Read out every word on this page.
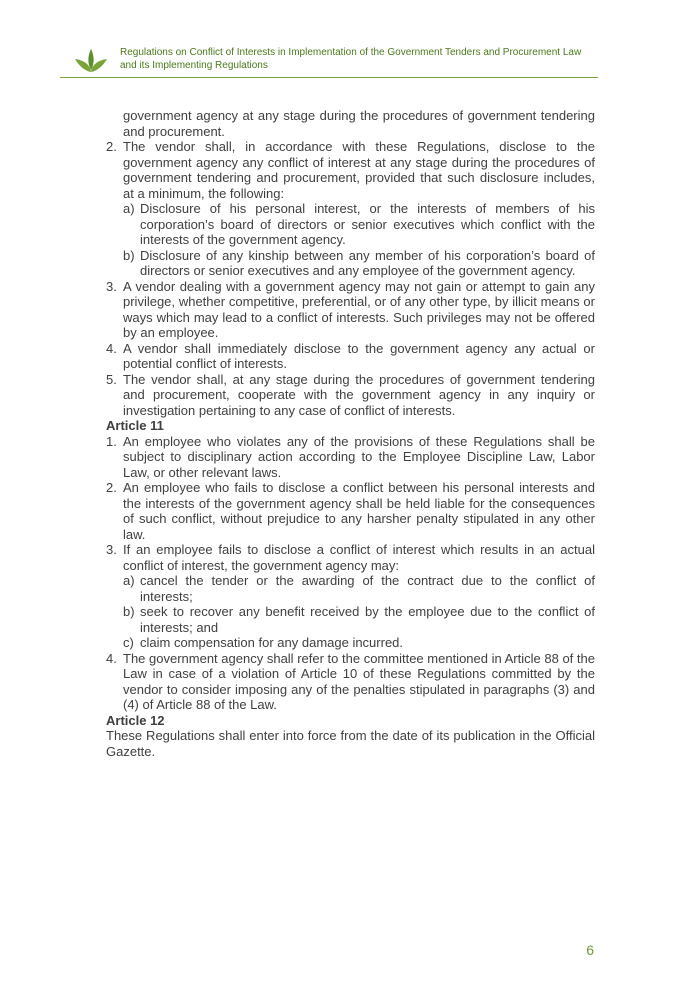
Regulations on Conflict of Interests in Implementation of the Government Tenders and Procurement Law and its Implementing Regulations

government agency at any stage during the procedures of government tendering and procurement.

2. The vendor shall, in accordance with these Regulations, disclose to the government agency any conflict of interest at any stage during the procedures of government tendering and procurement, provided that such disclosure includes, at a minimum, the following:
a) Disclosure of his personal interest, or the interests of members of his corporation’s board of directors or senior executives which conflict with the interests of the government agency.
b) Disclosure of any kinship between any member of his corporation’s board of directors or senior executives and any employee of the government agency.
3. A vendor dealing with a government agency may not gain or attempt to gain any privilege, whether competitive, preferential, or of any other type, by illicit means or ways which may lead to a conflict of interests. Such privileges may not be offered by an employee.
4. A vendor shall immediately disclose to the government agency any actual or potential conflict of interests.
5. The vendor shall, at any stage during the procedures of government tendering and procurement, cooperate with the government agency in any inquiry or investigation pertaining to any case of conflict of interests.

Article 11

1. An employee who violates any of the provisions of these Regulations shall be subject to disciplinary action according to the Employee Discipline Law, Labor Law, or other relevant laws.
2. An employee who fails to disclose a conflict between his personal interests and the interests of the government agency shall be held liable for the consequences of such conflict, without prejudice to any harsher penalty stipulated in any other law.
3. If an employee fails to disclose a conflict of interest which results in an actual conflict of interest, the government agency may:
a) cancel the tender or the awarding of the contract due to the conflict of interests;
b) seek to recover any benefit received by the employee due to the conflict of interests; and
c) claim compensation for any damage incurred.
4. The government agency shall refer to the committee mentioned in Article 88 of the Law in case of a violation of Article 10 of these Regulations committed by the vendor to consider imposing any of the penalties stipulated in paragraphs (3) and (4) of Article 88 of the Law.

Article 12

These Regulations shall enter into force from the date of its publication in the Official Gazette.

6
